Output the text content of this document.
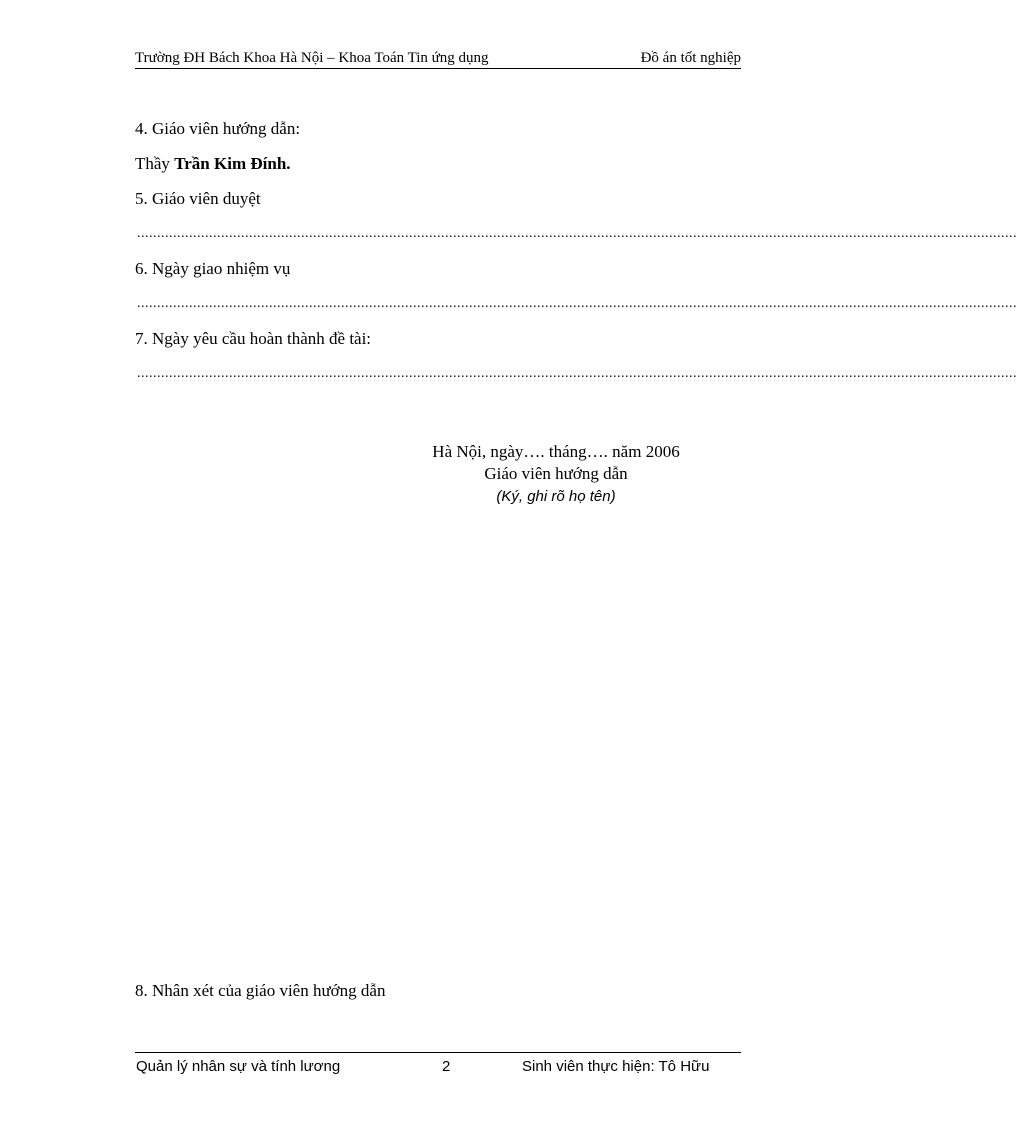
Trường ĐH Bách Khoa Hà Nội – Khoa Toán Tin ứng dụng	Đồ án tốt nghiệp
4. Giáo viên hướng dẫn:
Thầy Trần Kim Đính.
5. Giáo viên duyệt
............................................................................................................................................................................................................................
6. Ngày giao nhiệm vụ
............................................................................................................................................................................................................................
7. Ngày yêu cầu hoàn thành đề tài:
............................................................................................................................................................................................................................
Hà Nội, ngày…. tháng…. năm 2006
Giáo viên hướng dẫn
(Ký, ghi rõ họ tên)
8. Nhân xét của giáo viên hướng dẫn
Quản lý nhân sự và tính lương	2	Sinh viên thực hiện: Tô Hữu
